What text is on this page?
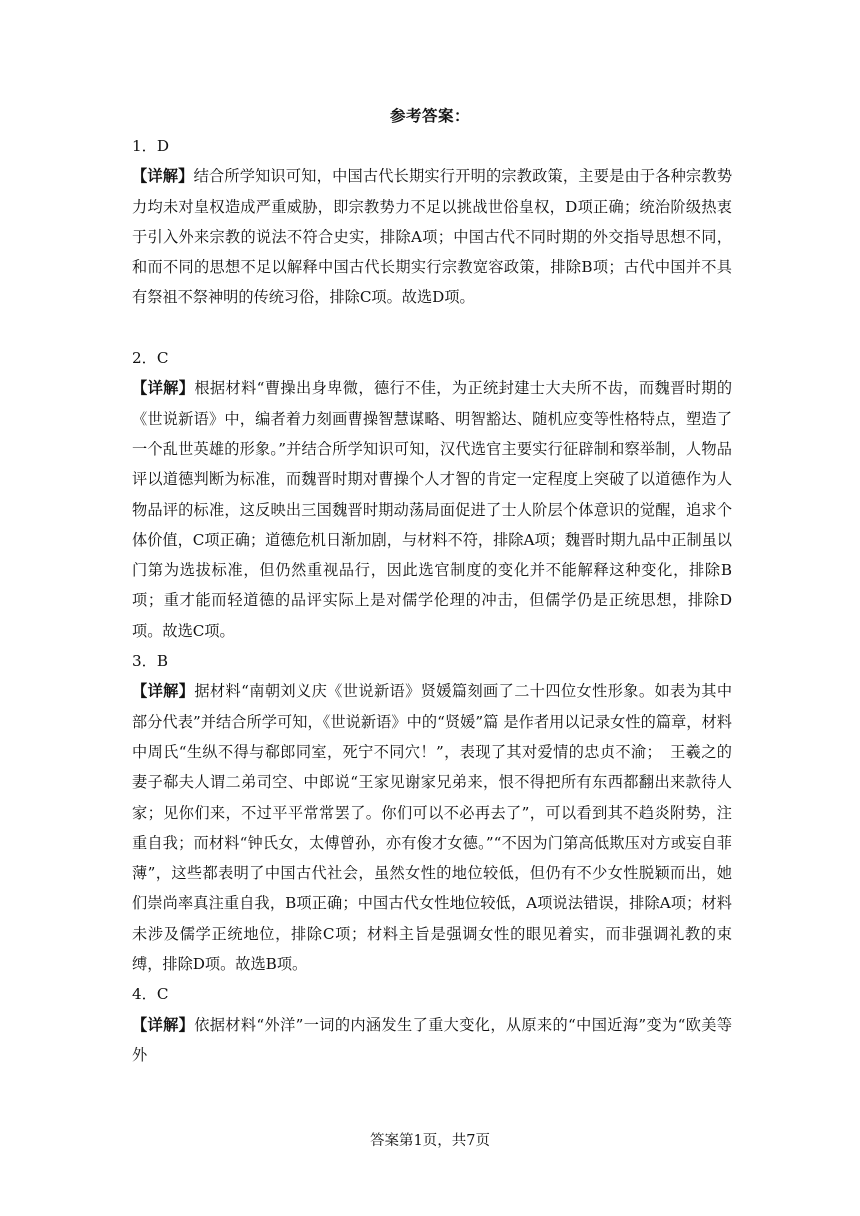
参考答案：
1．D
【详解】结合所学知识可知，中国古代长期实行开明的宗教政策，主要是由于各种宗教势力均未对皇权造成严重威胁，即宗教势力不足以挑战世俗皇权，D项正确；统治阶级热衷于引入外来宗教的说法不符合史实，排除A项；中国古代不同时期的外交指导思想不同，和而不同的思想不足以解释中国古代长期实行宗教宽容政策，排除B项；古代中国并不具有祭祖不祭神明的传统习俗，排除C项。故选D项。
2．C
【详解】根据材料“曹操出身卑微，德行不佳，为正统封建士大夫所不齿，而魏晋时期的《世说新语》中，编者着力刻画曹操智慧谋略、明智豁达、随机应变等性格特点，塑造了一个乱世英雄的形象。”并结合所学知识可知，汉代选官主要实行征辟制和察举制，人物品评以道德判断为标准，而魏晋时期对曹操个人才智的肯定一定程度上突破了以道德作为人物品评的标准，这反映出三国魏晋时期动荡局面促进了士人阶层个体意识的觉醒，追求个体价值，C项正确；道德危机日渐加剧，与材料不符，排除A项；魏晋时期九品中正制虽以门第为选拔标准，但仍然重视品行，因此选官制度的变化并不能解释这种变化，排除B项；重才能而轻道德的品评实际上是对儒学伦理的冲击，但儒学仍是正统思想，排除D项。故选C项。
3．B
【详解】据材料“南朝刘义庆《世说新语》贤媛篇刻画了二十四位女性形象。如表为其中部分代表”并结合所学可知，《世说新语》中的“贤媛”篇 是作者用以记录女性的篇章，材料中周氏“生纵不得与郗郎同室，死宁不同穴！”，表现了其对爱情的忠贞不渝；　王羲之的妻子郗夫人谓二弟司空、中郎说“王家见谢家兄弟来，恨不得把所有东西都翻出来款待人家；见你们来，不过平平常常罢了。你们可以不必再去了”，可以看到其不趋炎附势，注重自我；而材料“钟氏女，太傅曾孙，亦有俊才女德。”“不因为门第高低欺压对方或妄自菲薄”，这些都表明了中国古代社会，虽然女性的地位较低，但仍有不少女性脱颖而出，她们崇尚率真注重自我，B项正确；中国古代女性地位较低，A项说法错误，排除A项；材料未涉及儒学正统地位，排除C项；材料主旨是强调女性的眼见着实，而非强调礼教的束缚，排除D项。故选B项。
4．C
【详解】依据材料“外洋”一词的内涵发生了重大变化，从原来的“中国近海”变为“欧美等外
答案第1页，共7页
